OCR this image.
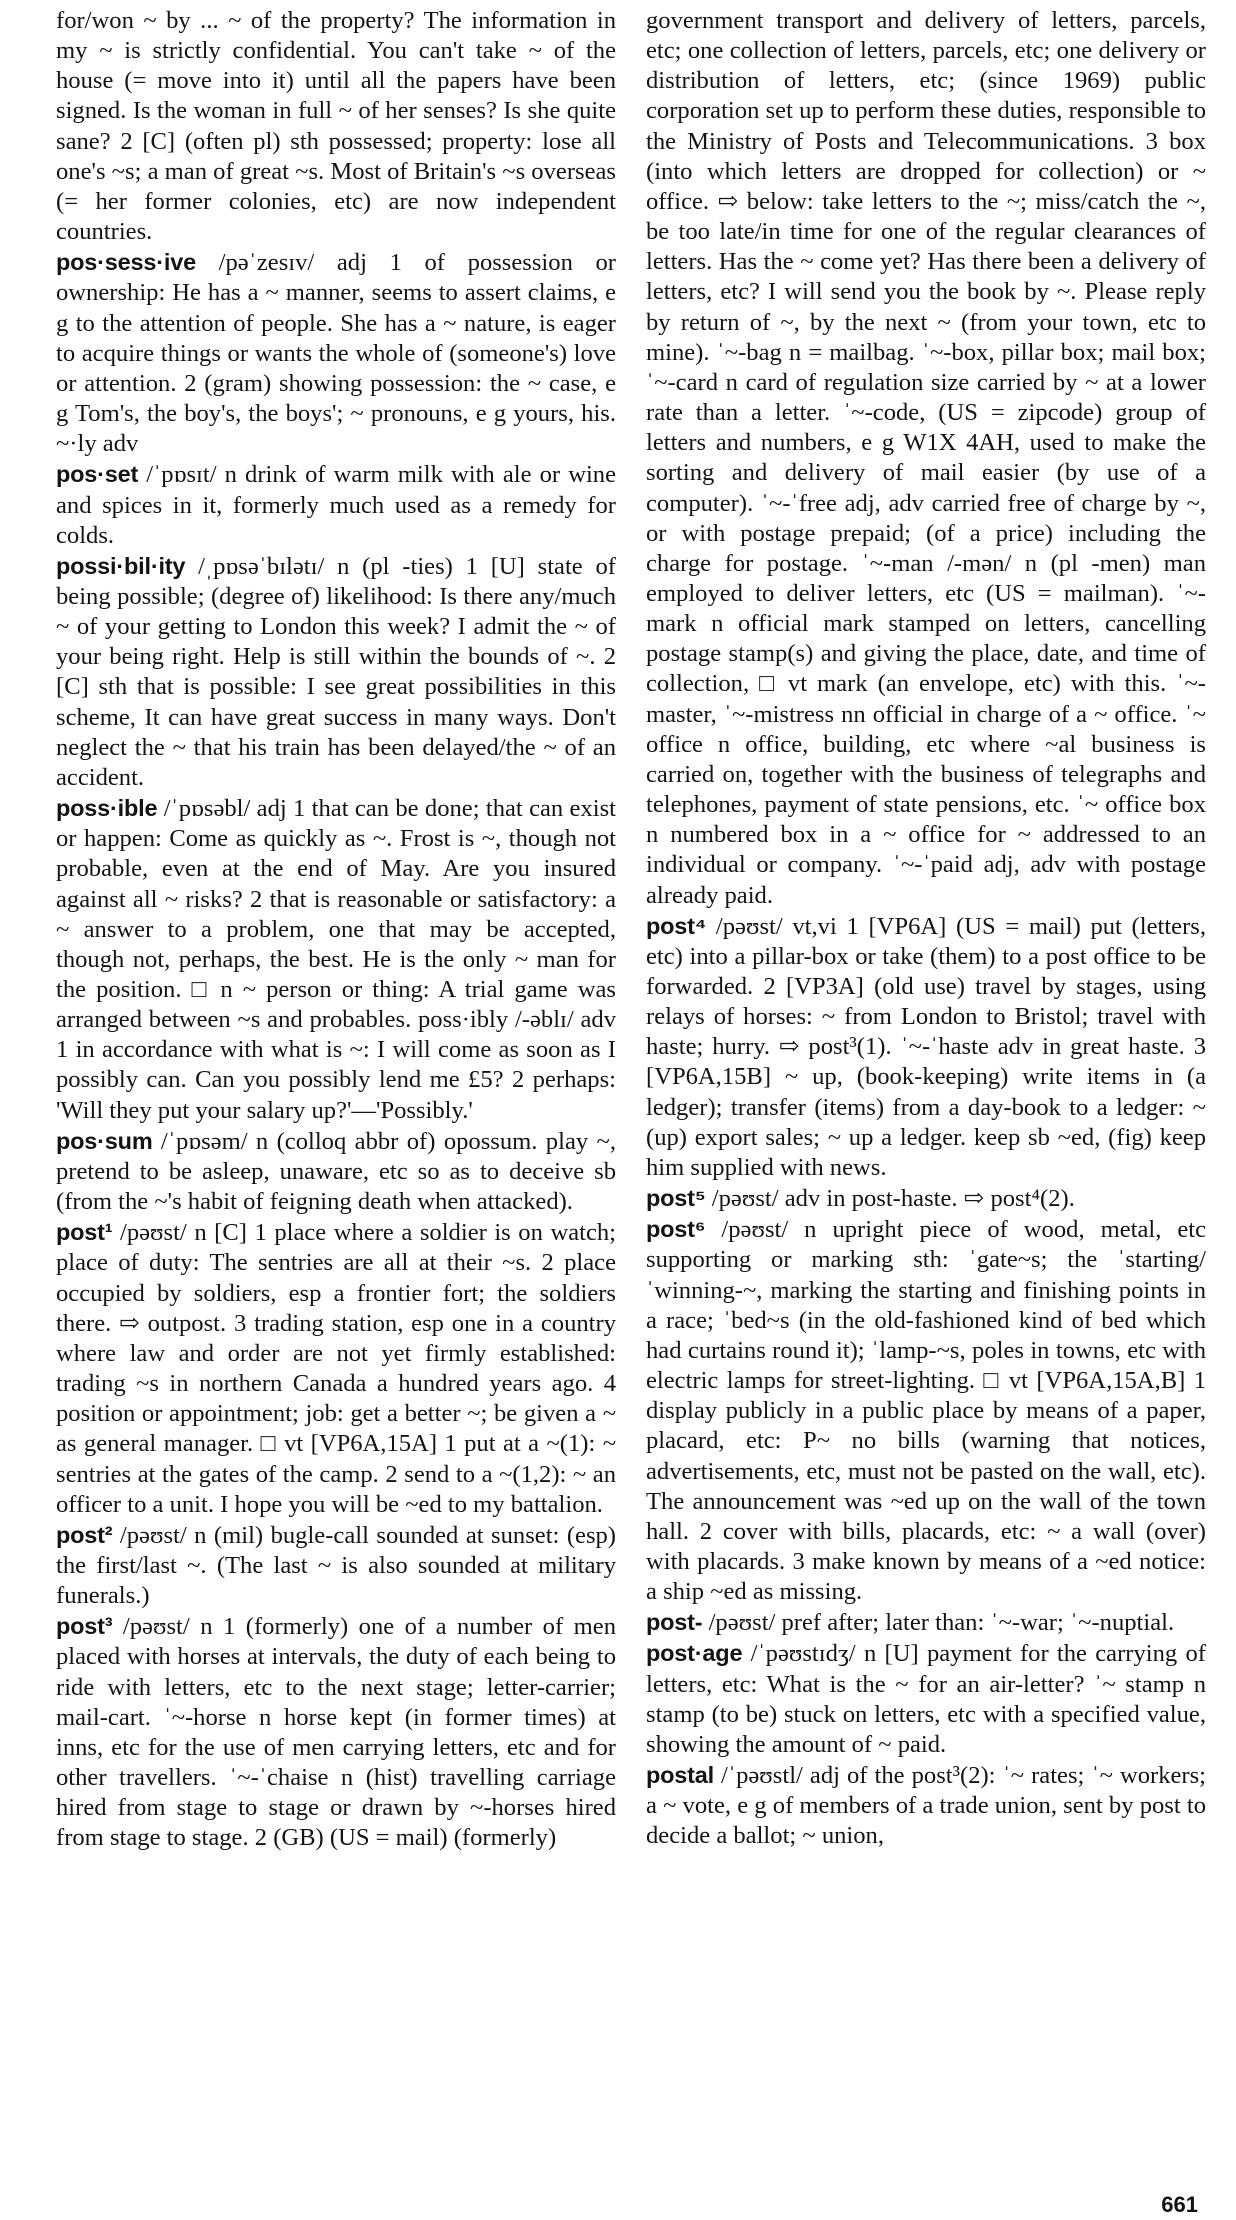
for/won ~ by ... ~ of the property? The information in my ~ is strictly confidential. You can't take ~ of the house (= move into it) until all the papers have been signed. Is the woman in full ~ of her senses? Is she quite sane? 2 [C] (often pl) sth possessed; property: lose all one's ~s; a man of great ~s. Most of Britain's ~s overseas (= her former colonies, etc) are now independent countries.

pos·sess·ive /pəˈzesɪv/ adj 1 of possession or ownership: He has a ~ manner, seems to assert claims, e g to the attention of people. She has a ~ nature, is eager to acquire things or wants the whole of (someone's) love or attention. 2 (gram) showing possession: the ~ case, e g Tom's, the boy's, the boys'; ~ pronouns, e g yours, his. ~·ly adv

pos·set /ˈpɒsɪt/ n drink of warm milk with ale or wine and spices in it, formerly much used as a remedy for colds.

possi·bil·ity /ˌpɒsəˈbɪlətɪ/ n (pl -ties) 1 [U] state of being possible; (degree of) likelihood: Is there any/much ~ of your getting to London this week? I admit the ~ of your being right. Help is still within the bounds of ~. 2 [C] sth that is possible: I see great possibilities in this scheme, It can have great success in many ways. Don't neglect the ~ that his train has been delayed/the ~ of an accident.

poss·ible /ˈpɒsəbl/ adj 1 that can be done; that can exist or happen: Come as quickly as ~. Frost is ~, though not probable, even at the end of May. Are you insured against all ~ risks? 2 that is reasonable or satisfactory: a ~ answer to a problem, one that may be accepted, though not, perhaps, the best. He is the only ~ man for the position. □ n ~ person or thing: A trial game was arranged between ~s and probables. poss·ibly /-əblɪ/ adv 1 in accordance with what is ~: I will come as soon as I possibly can. Can you possibly lend me £5? 2 perhaps: 'Will they put your salary up?'—'Possibly.'

pos·sum /ˈpɒsəm/ n (colloq abbr of) opossum. play ~, pretend to be asleep, unaware, etc so as to deceive sb (from the ~'s habit of feigning death when attacked).

post¹ /pəʊst/ n [C] 1 place where a soldier is on watch; place of duty: The sentries are all at their ~s. 2 place occupied by soldiers, esp a frontier fort; the soldiers there. ⇨ outpost. 3 trading station, esp one in a country where law and order are not yet firmly established: trading ~s in northern Canada a hundred years ago. 4 position or appointment; job: get a better ~; be given a ~ as general manager. □ vt [VP6A,15A] 1 put at a ~(1): ~ sentries at the gates of the camp. 2 send to a ~(1,2): ~ an officer to a unit. I hope you will be ~ed to my battalion.

post² /pəʊst/ n (mil) bugle-call sounded at sunset: (esp) the first/last ~. (The last ~ is also sounded at military funerals.)

post³ /pəʊst/ n 1 (formerly) one of a number of men placed with horses at intervals, the duty of each being to ride with letters, etc to the next stage; letter-carrier; mail-cart. ˈ~-horse n horse kept (in former times) at inns, etc for the use of men carrying letters, etc and for other travellers. ˈ~-ˈchaise n (hist) travelling carriage hired from stage to stage or drawn by ~-horses hired from stage to stage. 2 (GB) (US = mail) (formerly)

government transport and delivery of letters, parcels, etc; one collection of letters, parcels, etc; one delivery or distribution of letters, etc; (since 1969) public corporation set up to perform these duties, responsible to the Ministry of Posts and Telecommunications. 3 box (into which letters are dropped for collection) or ~ office. ⇨ below: take letters to the ~; miss/catch the ~, be too late/in time for one of the regular clearances of letters. Has the ~ come yet? Has there been a delivery of letters, etc? I will send you the book by ~. Please reply by return of ~, by the next ~ (from your town, etc to mine). ˈ~-bag n = mailbag. ˈ~-box, pillar box; mail box; ˈ~-card n card of regulation size carried by ~ at a lower rate than a letter. ˈ~-code, (US = zipcode) group of letters and numbers, e g W1X 4AH, used to make the sorting and delivery of mail easier (by use of a computer). ˈ~-ˈfree adj, adv carried free of charge by ~, or with postage prepaid; (of a price) including the charge for postage. ˈ~-man /-mən/ n (pl -men) man employed to deliver letters, etc (US = mailman). ˈ~-mark n official mark stamped on letters, cancelling postage stamp(s) and giving the place, date, and time of collection, □ vt mark (an envelope, etc) with this. ˈ~-master, ˈ~-mistress nn official in charge of a ~ office. ˈ~ office n office, building, etc where ~al business is carried on, together with the business of telegraphs and telephones, payment of state pensions, etc. ˈ~ office box n numbered box in a ~ office for ~ addressed to an individual or company. ˈ~-ˈpaid adj, adv with postage already paid.

post⁴ /pəʊst/ vt,vi 1 [VP6A] (US = mail) put (letters, etc) into a pillar-box or take (them) to a post office to be forwarded. 2 [VP3A] (old use) travel by stages, using relays of horses: ~ from London to Bristol; travel with haste; hurry. ⇨ post³(1). ˈ~-ˈhaste adv in great haste. 3 [VP6A,15B] ~ up, (book-keeping) write items in (a ledger); transfer (items) from a day-book to a ledger: ~ (up) export sales; ~ up a ledger. keep sb ~ed, (fig) keep him supplied with news.

post⁵ /pəʊst/ adv in post-haste. ⇨ post⁴(2).

post⁶ /pəʊst/ n upright piece of wood, metal, etc supporting or marking sth: ˈgate~s; the ˈstarting/ˈwinning-~, marking the starting and finishing points in a race; ˈbed~s (in the old-fashioned kind of bed which had curtains round it); ˈlamp-~s, poles in towns, etc with electric lamps for street-lighting. □ vt [VP6A,15A,B] 1 display publicly in a public place by means of a paper, placard, etc: P~ no bills (warning that notices, advertisements, etc, must not be pasted on the wall, etc). The announcement was ~ed up on the wall of the town hall. 2 cover with bills, placards, etc: ~ a wall (over) with placards. 3 make known by means of a ~ed notice: a ship ~ed as missing.

post- /pəʊst/ pref after; later than: ˈ~-war; ˈ~-nuptial.

post·age /ˈpəʊstɪdʒ/ n [U] payment for the carrying of letters, etc: What is the ~ for an air-letter? ˈ~ stamp n stamp (to be) stuck on letters, etc with a specified value, showing the amount of ~ paid.

postal /ˈpəʊstl/ adj of the post³(2): ˈ~ rates; ˈ~ workers; a ~ vote, e g of members of a trade union, sent by post to decide a ballot; ~ union,

661
